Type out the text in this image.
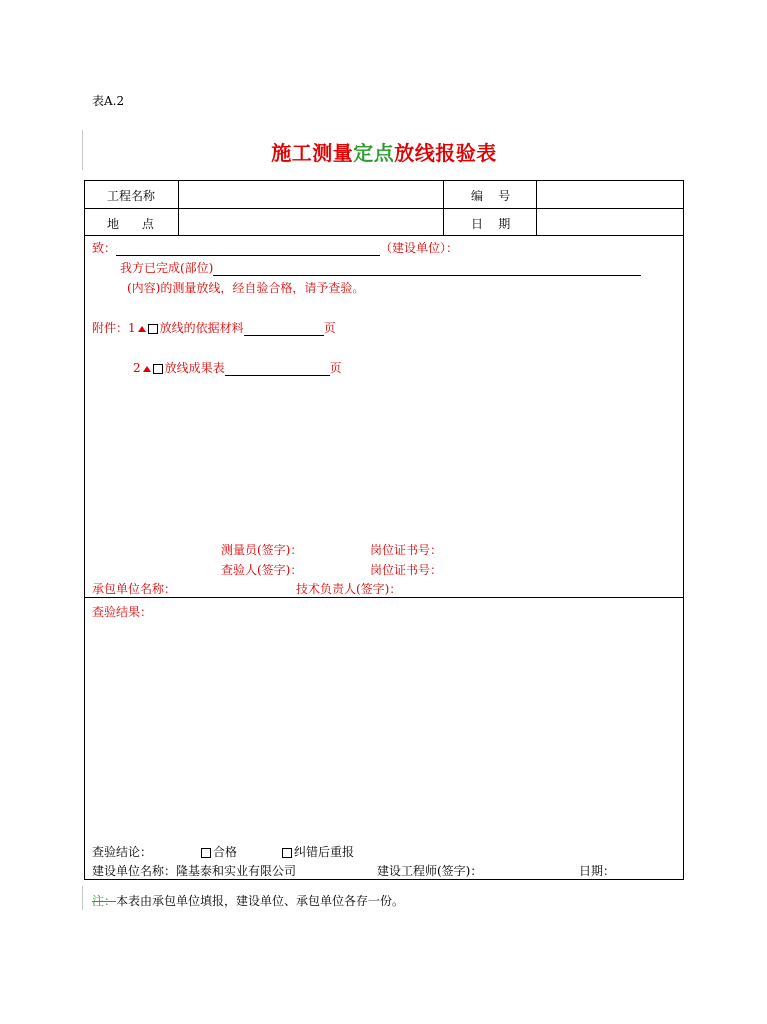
表A.2
施工测量定点放线报验表
工程名称	编    号
地      点	日    期
致：	（建设单位）：
我方已完成(部位)
(内容)的测量放线，经自验合格，请予查验。
附件：1 放线的依据材料	页
2 放线成果表	页
测量员(签字)：	岗位证书号：
查验人(签字)：	岗位证书号：
承包单位名称：	技术负责人(签字)：
查验结果：
查验结论：	合格	纠错后重报
建设单位名称：隆基泰和实业有限公司	建设工程师(签字)：	日期：
注：本表由承包单位填报，建设单位、承包单位各存一份。
